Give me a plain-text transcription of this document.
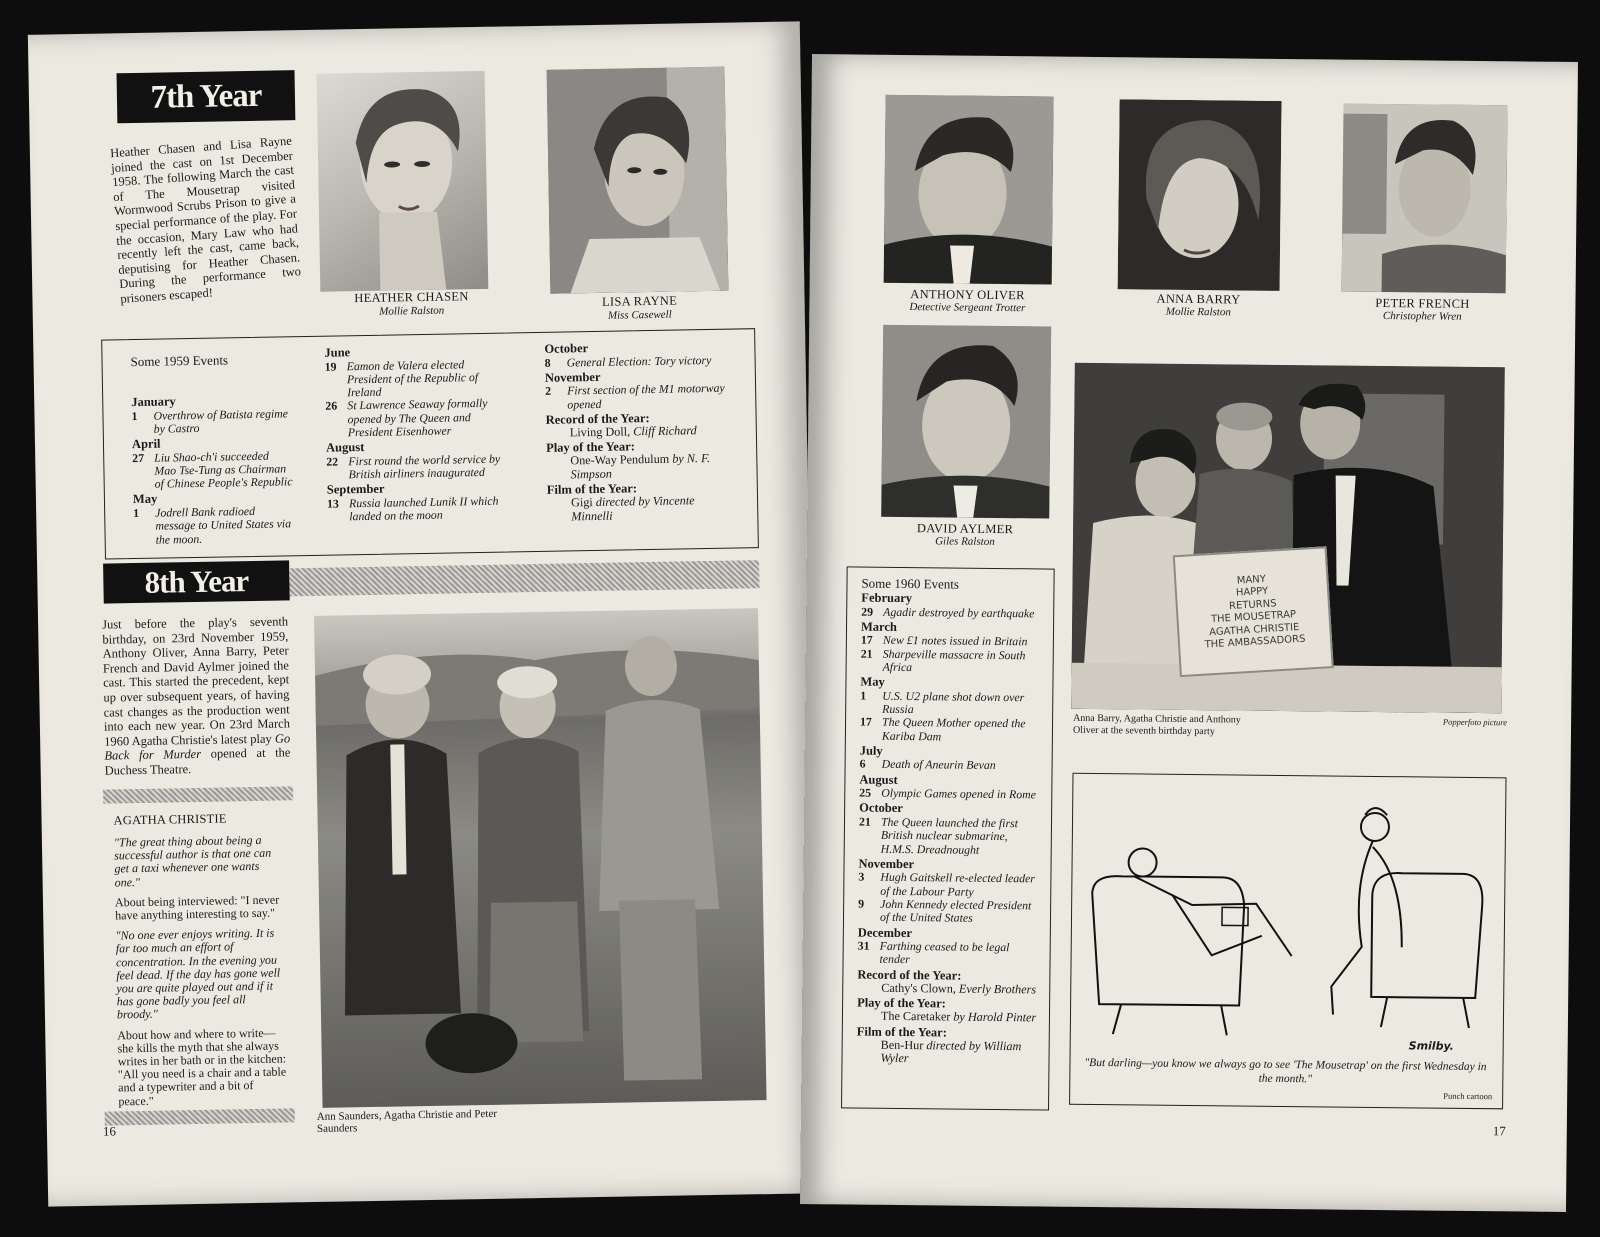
7th Year
Heather Chasen and Lisa Rayne joined the cast on 1st December 1958. The following March the cast of The Mousetrap visited Wormwood Scrubs Prison to give a special performance of the play. For the occasion, Mary Law who had recently left the cast, came back, deputising for Heather Chasen. During the performance two prisoners escaped!	HEATHER CHASEN
Mollie Ralston
LISA RAYNE
Miss Casewell
Some 1959 Events
January
1	Overthrow of Batista regime by Castro
April
27 Liu Shao-ch'i succeeded Mao Tse-Tung as Chairman of Chinese People's Republic
May
1	Jodrell Bank radioed message to United States via the moon.
June
19 Eamon de Valera elected President of the Republic of Ireland
26 St Lawrence Seaway formally opened by The Queen and President Eisenhower
August
22 First round the world service by British airliners inaugurated
September
13 Russia launched Lunik II which landed on the moon
October
8	General Election: Tory victory
November
2	First section of the M1 motorway opened
Record of the Year:
Living Doll, Cliff Richard
Play of the Year:
One-Way Pendulum by N. F. Simpson
Film of the Year:
Gigi directed by Vincente Minnelli
8th Year
Just before the play's seventh birthday, on 23rd November 1959, Anthony Oliver, Anna Barry, Peter French and David Aylmer joined the cast. This started the precedent, kept up over subsequent years, of having cast changes as the production went into each new year. On 23rd March 1960 Agatha Christie's latest play Go Back for Murder opened at the Duchess Theatre.
AGATHA CHRISTIE
"The great thing about being a successful author is that one can get a taxi whenever one wants one."
About being interviewed: "I never have anything interesting to say."
"No one ever enjoys writing. It is far too much an effort of concentration. In the evening you feel dead. If the day has gone well you are quite played out and if it has gone badly you feel all broody."
About how and where to write—she kills the myth that she always writes in her bath or in the kitchen: "All you need is a chair and a table and a typewriter and a bit of peace."
Ann Saunders, Agatha Christie and Peter Saunders
16
ANTHONY OLIVER
Detective Sergeant Trotter
ANNA BARRY
Mollie Ralston
PETER FRENCH
Christopher Wren
DAVID AYLMER
Giles Ralston
MANY
HAPPY
RETURNS
THE MOUSETRAP
AGATHA CHRISTIE
THE AMBASSADORS
Anna Barry, Agatha Christie and Anthony Oliver at the seventh birthday party
Popperfoto picture
Some 1960 Events
February
29 Agadir destroyed by earthquake
March
17 New £1 notes issued in Britain
21 Sharpeville massacre in South Africa
May
1	U.S. U2 plane shot down over Russia
17 The Queen Mother opened the Kariba Dam
July
6	Death of Aneurin Bevan
August
25 Olympic Games opened in Rome
October
21 The Queen launched the first British nuclear submarine, H.M.S. Dreadnought
November
3	Hugh Gaitskell re-elected leader of the Labour Party
9	John Kennedy elected President of the United States
December
31 Farthing ceased to be legal tender
Record of the Year:
Cathy's Clown, Everly Brothers
Play of the Year:
The Caretaker by Harold Pinter
Film of the Year:
Ben-Hur directed by William Wyler
Smilby.
"But darling—you know we always go to see 'The Mousetrap' on the first Wednesday in the month."
Punch cartoon
17
